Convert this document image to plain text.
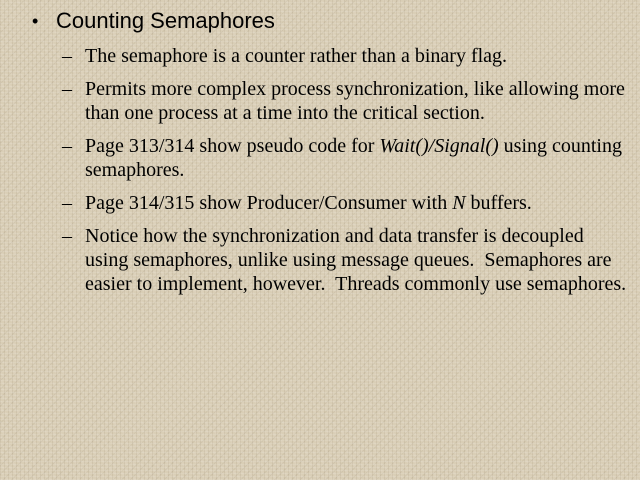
• Counting Semaphores
– The semaphore is a counter rather than a binary flag.
– Permits more complex process synchronization, like allowing more than one process at a time into the critical section.
– Page 313/314 show pseudo code for Wait()/Signal() using counting semaphores.
– Page 314/315 show Producer/Consumer with N buffers.
– Notice how the synchronization and data transfer is decoupled using semaphores, unlike using message queues.  Semaphores are easier to implement, however.  Threads commonly use semaphores.
